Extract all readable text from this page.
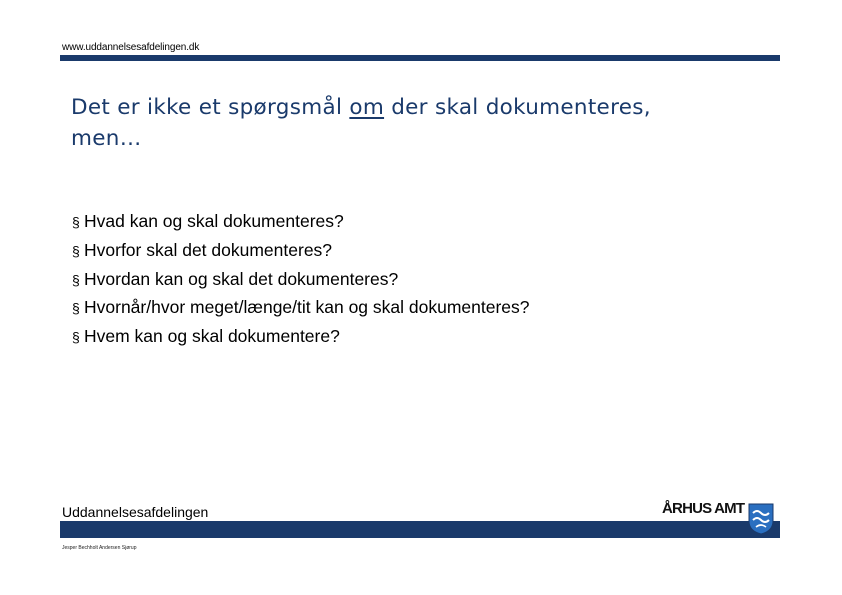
www.uddannelsesafdelingen.dk
Det er ikke et spørgsmål om der skal dokumenteres, men…
§ Hvad kan og skal dokumenteres?
§ Hvorfor skal det dokumenteres?
§ Hvordan kan og skal det dokumenteres?
§ Hvornår/hvor meget/længe/tit kan og skal dokumenteres?
§ Hvem kan og skal dokumentere?
Uddannelsesafdelingen
Jesper Bechholt Andersen Sjørup
ÅRHUS AMT
